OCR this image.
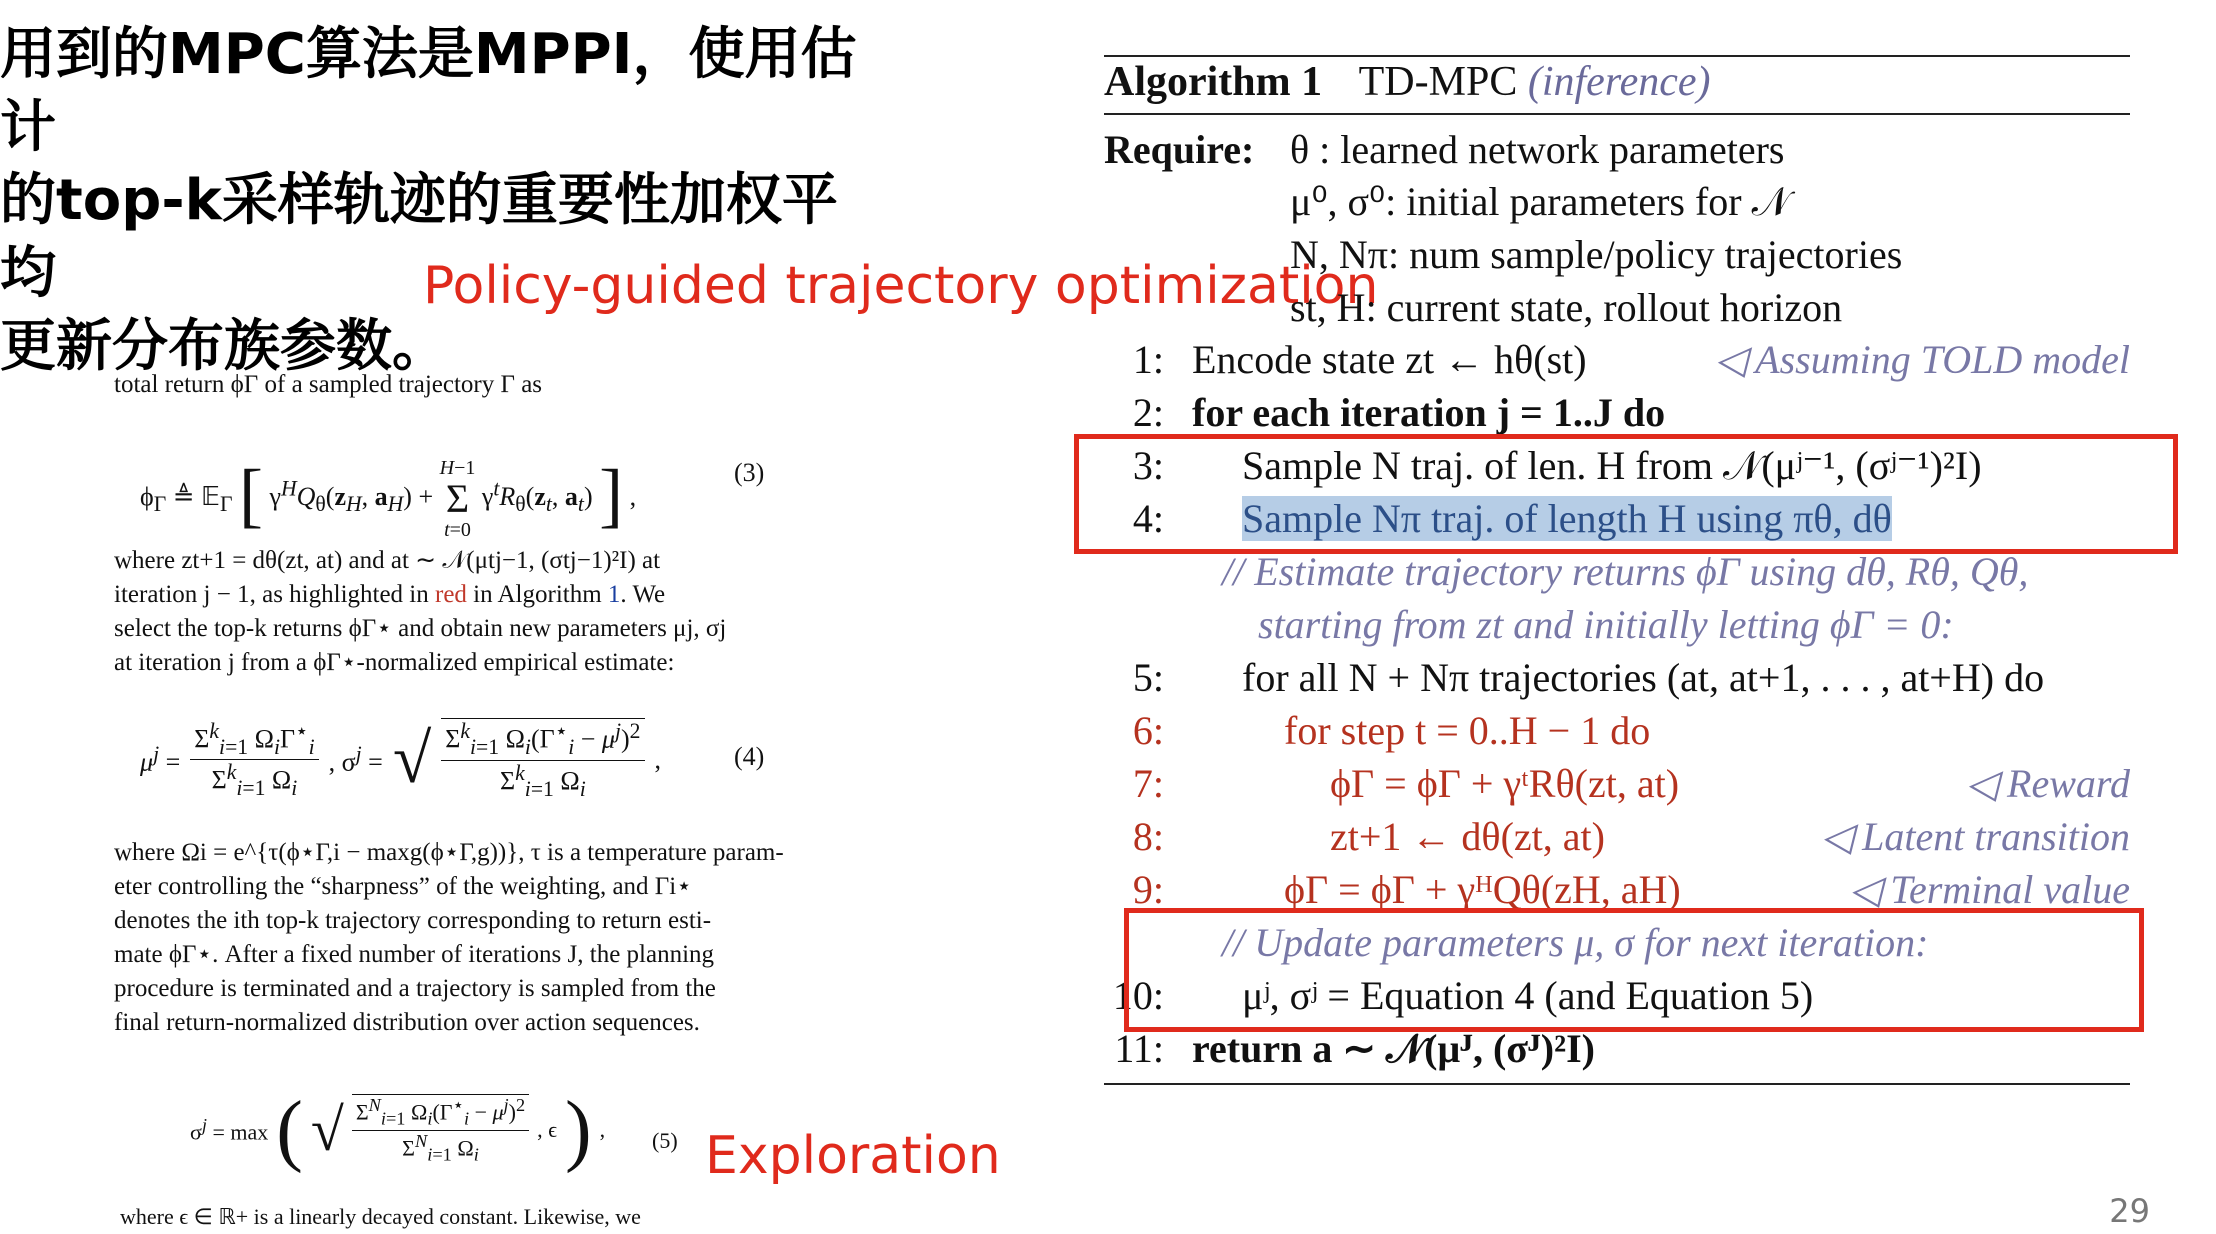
用到的MPC算法是MPPI，使用估计
的top-k采样轨迹的重要性加权平均
更新分布族参数。
Policy-guided trajectory optimization
total return ϕΓ of a sampled trajectory Γ as
$\phi_\Gamma$ ≜ 𝔼$_\Gamma$ [ $\gamma^HQ_\theta(z_H$, $a_H) + H-1$
Σ
t=0 $\gamma^tR_\theta(z_t$, $a_t$) ] ,
(3)
where zt+1 = dθ(zt, at) and at ∼ 𝒩(μtj−1, (σtj−1)²I) at
iteration j − 1, as highlighted in red in Algorithm 1. We
select the top-k returns ϕΓ⋆ and obtain new parameters μj, σj
at iteration j from a ϕΓ⋆-normalized empirical estimate:
$\mu^j$ =
$\Sigma^k_{i=1}$ $\Omega_i\Gamma^⋆_i$
$\Sigma^k_{i=1}$ $\Omega_i$
, $\sigma^j$ = √ $\Sigma^k_{i=1}$ $\Omega_i(\Gamma^⋆_i - \mu^j)^2$
$\Sigma^k_{i=1}$ $\Omega_i$
,	(4)
where Ωi = e^{τ(ϕ⋆Γ,i − maxg(ϕ⋆Γ,g))}, τ is a temperature param-
eter controlling the “sharpness” of the weighting, and Γi⋆
denotes the ith top-k trajectory corresponding to return esti-
mate ϕΓ⋆. After a fixed number of iterations J, the planning
procedure is terminated and a trajectory is sampled from the
final return-normalized distribution over action sequences.
$\sigma^j = \max$ ( √ $\Sigma^N_{i=1}$ $\Omega_i(\Gamma^⋆_i - \mu^j)^2$
$\Sigma^N_{i=1}$ $\Omega_i$
, ϵ ) , (5) Exploration
where ϵ ∈ ℝ+ is a linearly decayed constant. Likewise, we
Algorithm 1 TD-MPC (inference)
Require: θ : learned network parameters
μ⁰, σ⁰: initial parameters for 𝒩
N, Nπ: num sample/policy trajectories
st, H: current state, rollout horizon
1: Encode state zt ← hθ(st)	◁ Assuming TOLD model
2: for each iteration j = 1..J do
3: Sample N traj. of len. H from 𝒩(μʲ⁻¹, (σʲ⁻¹)²I)
4: Sample Nπ traj. of length H using πθ, dθ
// Estimate trajectory returns ϕΓ using dθ, Rθ, Qθ,
starting from zt and initially letting ϕΓ = 0:
5: for all N + Nπ trajectories (at, at+1, . . . , at+H) do
6:	for step t = 0..H − 1 do
7:	ϕΓ = ϕΓ + γᵗRθ(zt, at)	◁ Reward
8:	zt+1 ← dθ(zt, at)	◁ Latent transition
9:	ϕΓ = ϕΓ + γᴴQθ(zH, aH)	◁ Terminal value
// Update parameters μ, σ for next iteration:
10: μʲ, σʲ = Equation 4 (and Equation 5)
11: return a ∼ 𝒩(μᴶ, (σᴶ)²I)
29
